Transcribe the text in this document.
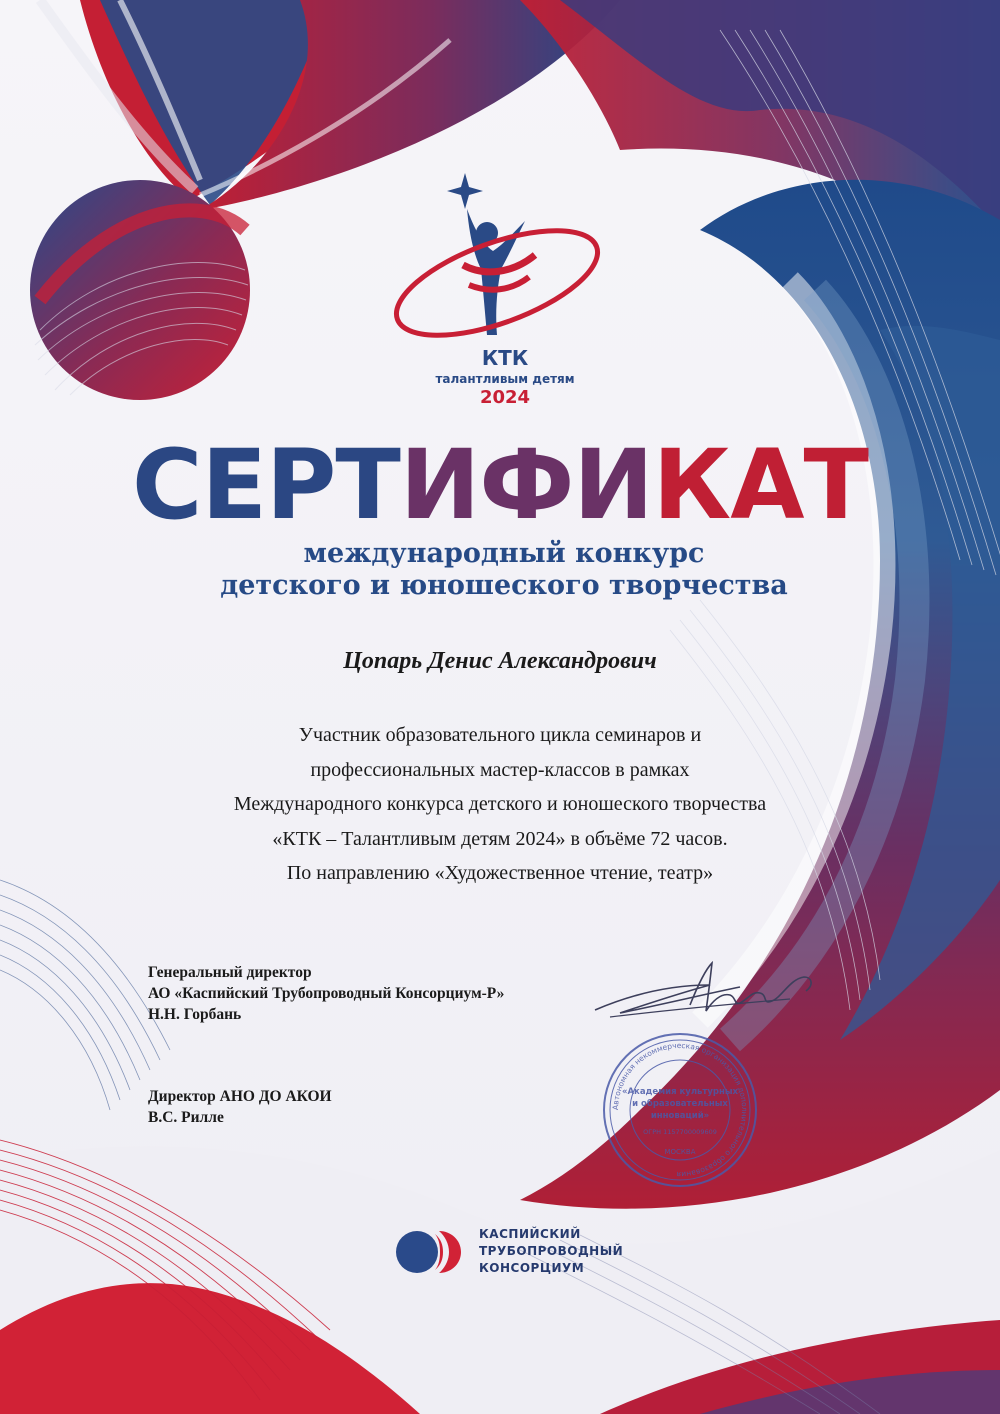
КТК
талантливым детям
2024
СЕРТИФИКАТ
международный конкурс
детского и юношеского творчества
Цопарь Денис Александрович
Участник образовательного цикла семинаров и
профессиональных мастер-классов в рамках
Международного конкурса детского и юношеского творчества
«КТК – Талантливым детям 2024» в объёме 72 часов.
По направлению «Художественное чтение, театр»
Генеральный директор
АО «Каспийский Трубопроводный Консорциум-Р»
Н.Н. Горбань
Директор АНО ДО АКОИ
В.С. Рилле
Автономная некоммерческая организация дополнительного образования
«Академия культурных
и образовательных
инноваций»
ОГРН 1157700009609
МОСКВА
КАСПИЙСКИЙ
ТРУБОПРОВОДНЫЙ
КОНСОРЦИУМ
